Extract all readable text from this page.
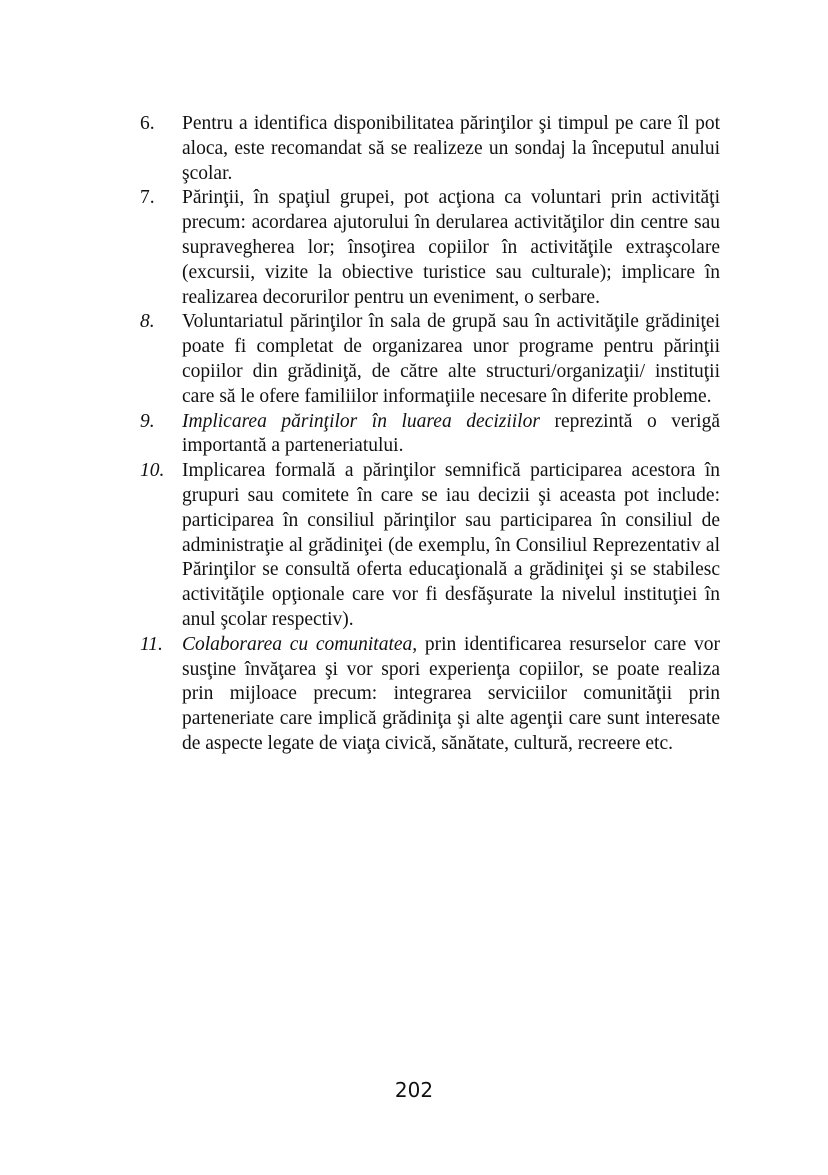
6.	Pentru a identifica disponibilitatea părinţilor şi timpul pe care îl pot aloca, este recomandat să se realizeze un sondaj la începutul anului şcolar.
7.	Părinţii, în spaţiul grupei, pot acţiona ca voluntari prin activităţi precum: acordarea ajutorului în derularea activităţilor din centre sau supravegherea lor; însoţirea copiilor în activităţile extraşcolare (excursii, vizite la obiective turistice sau culturale); implicare în realizarea decorurilor pentru un eveniment, o serbare.
8.	Voluntariatul părinţilor în sala de grupă sau în activităţile grădiniţei poate fi completat de organizarea unor programe pentru părinţii copiilor din grădiniţă, de către alte structuri/organizaţii/ instituţii care să le ofere familiilor informaţiile necesare în diferite probleme.
9.	Implicarea părinţilor în luarea deciziilor reprezintă o verigă importantă a parteneriatului.
10. Implicarea formală a părinţilor semnifică participarea acestora în grupuri sau comitete în care se iau decizii şi aceasta pot include: participarea în consiliul părinţilor sau participarea în consiliul de administraţie al grădiniţei (de exemplu, în Consiliul Reprezentativ al Părinţilor se consultă oferta educaţională a grădiniţei şi se stabilesc activităţile opţionale care vor fi desfăşurate la nivelul instituţiei în anul şcolar respectiv).
11. Colaborarea cu comunitatea, prin identificarea resurselor care vor susţine învăţarea şi vor spori experienţa copiilor, se poate realiza prin mijloace precum: integrarea serviciilor comunităţii prin parteneriate care implică grădiniţa şi alte agenţii care sunt interesate de aspecte legate de viaţa civică, sănătate, cultură, recreere etc.
202
